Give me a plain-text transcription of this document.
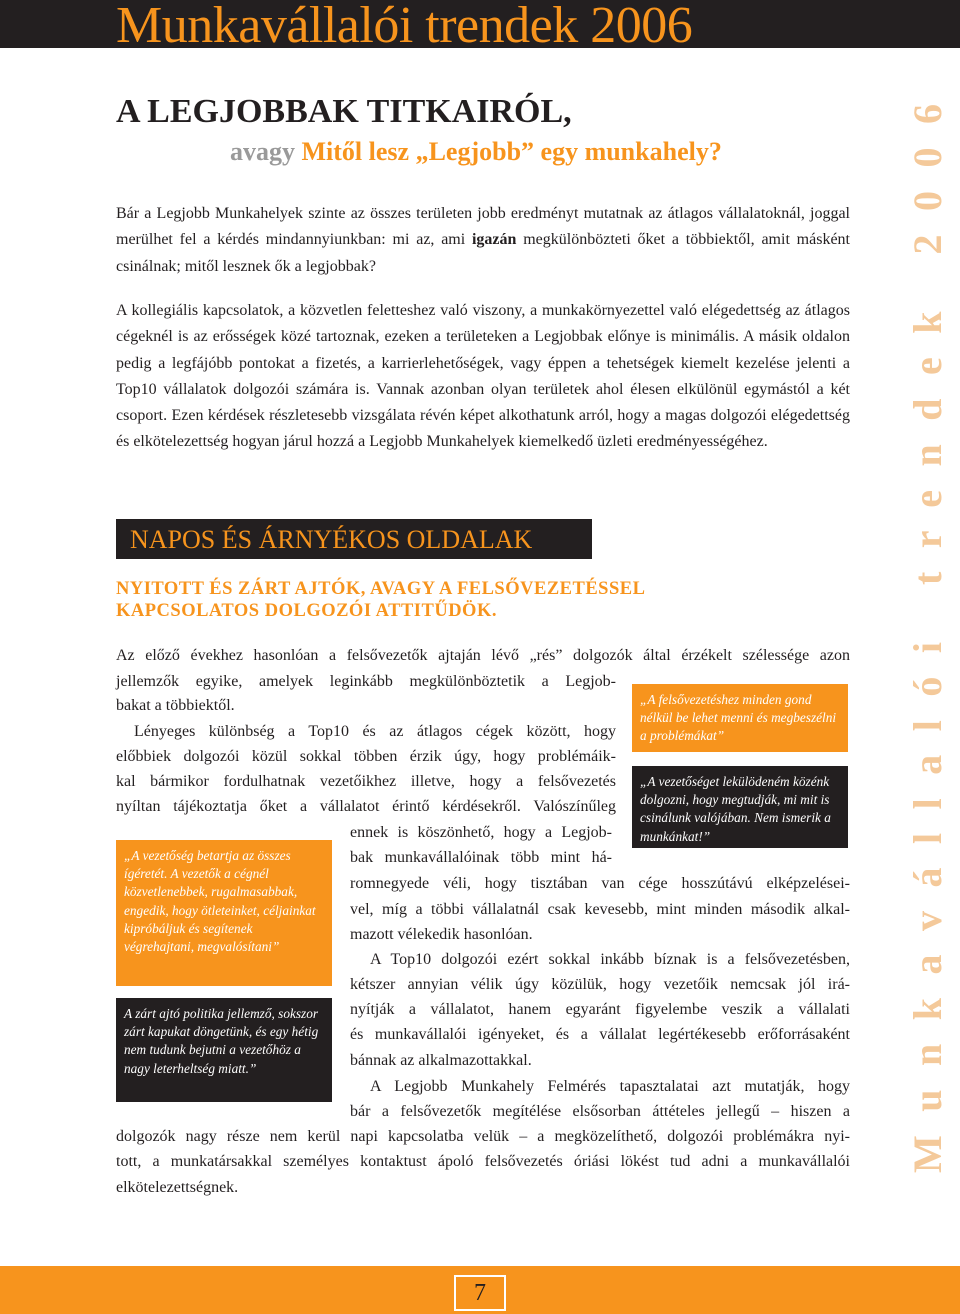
Munkavállalói trendek 2006
Munkavállalói trendek 2006
A LEGJOBBAK TITKAIRÓL,
avagy Mitől lesz „Legjobb” egy munkahely?

Bár a Legjobb Munkahelyek szinte az összes területen jobb eredményt mutatnak az átlagos vállalatoknál, joggal merülhet fel a kérdés mindannyiunkban: mi az, ami igazán megkülönbözteti őket a többiektől, amit másként csinálnak; mitől lesznek ők a legjobbak?

A kollegiális kapcsolatok, a közvetlen feletteshez való viszony, a munkakörnyezettel való elégedettség az átlagos cégeknél is az erősségek közé tartoznak, ezeken a területeken a Legjobbak előnye is minimális. A másik oldalon pedig a legfájóbb pontokat a fizetés, a karrierlehetőségek, vagy éppen a tehetségek kiemelt kezelése jelenti a Top10 vállalatok dolgozói számára is. Vannak azonban olyan területek ahol élesen elkülönül egymástól a két csoport. Ezen kérdések részletesebb vizsgálata révén képet alkothatunk arról, hogy a magas dolgozói elégedettség és elkötelezettség hogyan járul hozzá a Legjobb Munkahelyek kiemelkedő üzleti eredményességéhez.

NAPOS ÉS ÁRNYÉKOS OLDALAK
NYITOTT ÉS ZÁRT AJTÓK, AVAGY A FELSŐVEZETÉSSEL
KAPCSOLATOS DOLGOZÓI ATTITŰDÖK.
Az előző évekhez hasonlóan a felsővezetők ajtaján lévő „rés” dolgozók által érzékelt szélessége azon
jellemzők egyike, amelyek leginkább megkülönböztetik a Legjob-
bakat a többiektől.
Lényeges különbség a Top10 és az átlagos cégek között, hogy
előbbiek dolgozói közül sokkal többen érzik úgy, hogy problémáik-
kal bármikor fordulhatnak vezetőikhez illetve, hogy a felsővezetés
nyíltan tájékoztatja őket a vállalatot érintő kérdésekről. Valószínűleg
ennek is köszönhető, hogy a Legjob-
bak munkavállalóinak több mint há-
romnegyede véli, hogy tisztában van cége hosszútávú elképzelései-
vel, míg a többi vállalatnál csak kevesebb, mint minden második alkal-
mazott vélekedik hasonlóan.
A Top10 dolgozói ezért sokkal inkább bíznak is a felsővezetésben,
kétszer annyian vélik úgy közülük, hogy vezetőik nemcsak jól irá-
nyítják a vállalatot, hanem egyaránt figyelembe veszik a vállalati
és munkavállalói igényeket, és a vállalat legértékesebb erőforrásaként
bánnak az alkalmazottakkal.
A Legjobb Munkahely Felmérés tapasztalatai azt mutatják, hogy
bár a felsővezetők megítélése elsősorban áttételes jellegű – hiszen a
dolgozók nagy része nem kerül napi kapcsolatba velük – a megközelíthető, dolgozói problémákra nyi-
tott, a munkatársakkal személyes kontaktust ápoló felsővezetés óriási lökést tud adni a munkavállalói
elkötelezettségnek.
„A felsővezetéshez minden gond nélkül be lehet menni és megbeszélni a problémákat”
„A vezetőséget lekülödeném közénk dolgozni, hogy megtudják, mi mit is csinálunk valójában. Nem ismerik a munkánkat!”
„A vezetőség betartja az összes ígéretét. A vezetők a cégnél közvetlenebbek, rugalmasabbak, engedik, hogy ötleteinket, céljainkat kipróbáljuk és segítenek végrehajtani, megvalósítani”
A zárt ajtó politika jellemző, sokszor zárt kapukat döngetünk, és egy hétig nem tudunk bejutni a vezetőhöz a nagy leterheltség miatt.”
7
